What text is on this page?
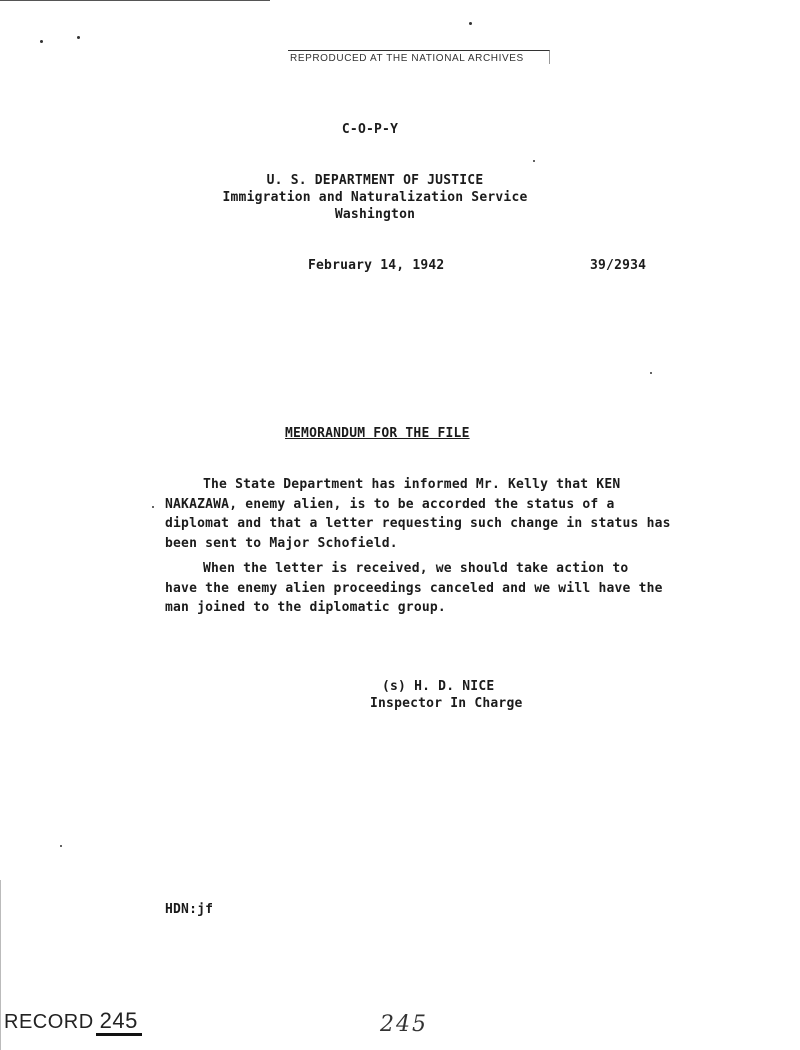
REPRODUCED AT THE NATIONAL ARCHIVES
C-O-P-Y
U. S. DEPARTMENT OF JUSTICE
Immigration and Naturalization Service
Washington
February 14, 1942	39/2934
MEMORANDUM FOR THE FILE
The State Department has informed Mr. Kelly that KEN
NAKAZAWA, enemy alien, is to be accorded the status of a diplomat and that a letter requesting such change in status has been sent to Major Schofield.
When the letter is received, we should take action to
have the enemy alien proceedings canceled and we will have the man joined to the diplomatic group.
(s) H. D. NICE
Inspector In Charge
HDN:jf
RECORD 245	245
